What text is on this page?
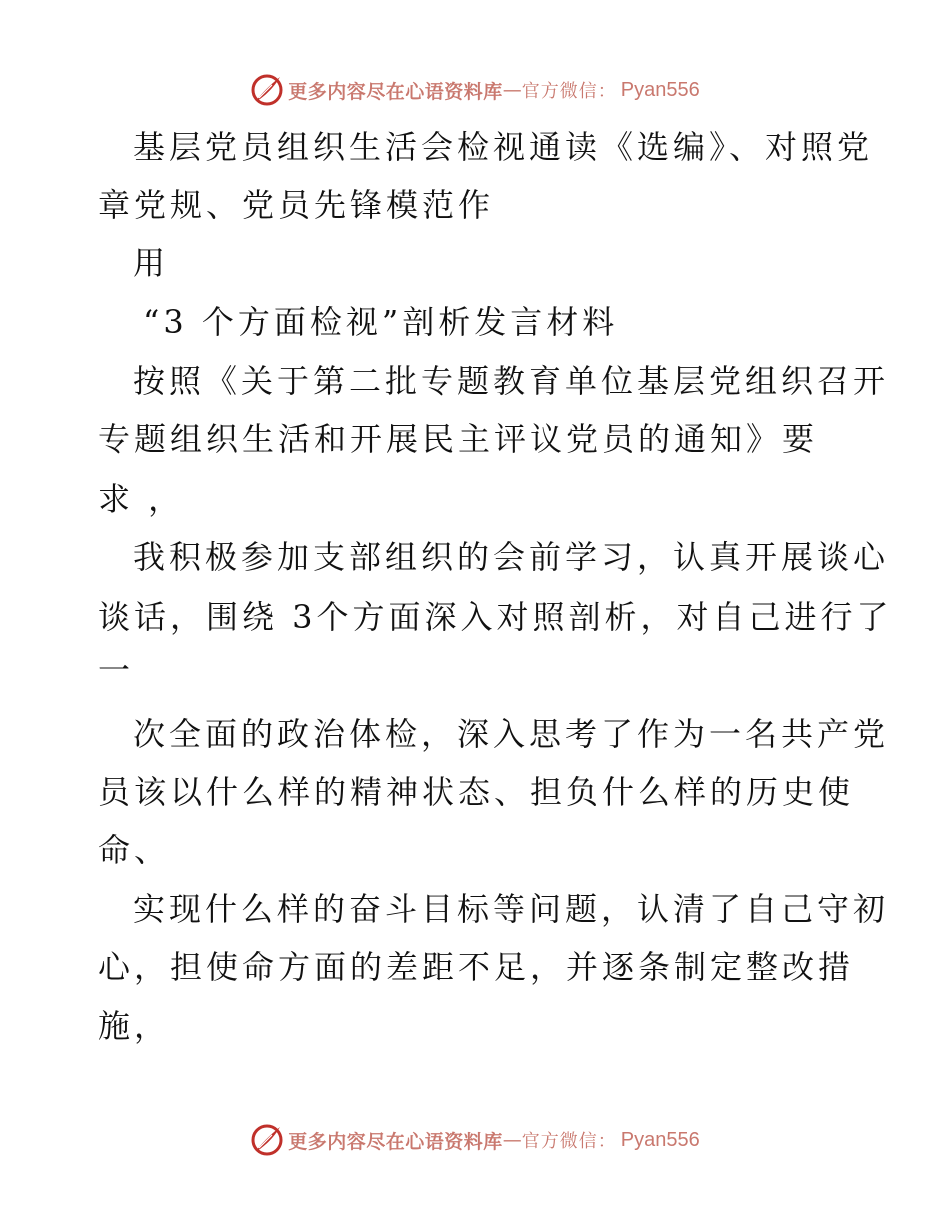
更多内容尽在心语资料库 — 官方微信： Pyan556

基层党员组织生活会检视通读《选编》、对照党

章党规、党员先锋模范作

用

“3 个方面检视”剖析发言材料

按照《关于第二批专题教育单位基层党组织召开

专题组织生活和开展民主评议党员的通知》要

求 ，

我积极参加支部组织的会前学习，认真开展谈心

谈话，围绕 3个方面深入对照剖析，对自己进行了

一

次全面的政治体检，深入思考了作为一名共产党

员该以什么样的精神状态、担负什么样的历史使

命、

实现什么样的奋斗目标等问题，认清了自己守初

心，担使命方面的差距不足，并逐条制定整改措

施，

更多内容尽在心语资料库 — 官方微信： Pyan556
